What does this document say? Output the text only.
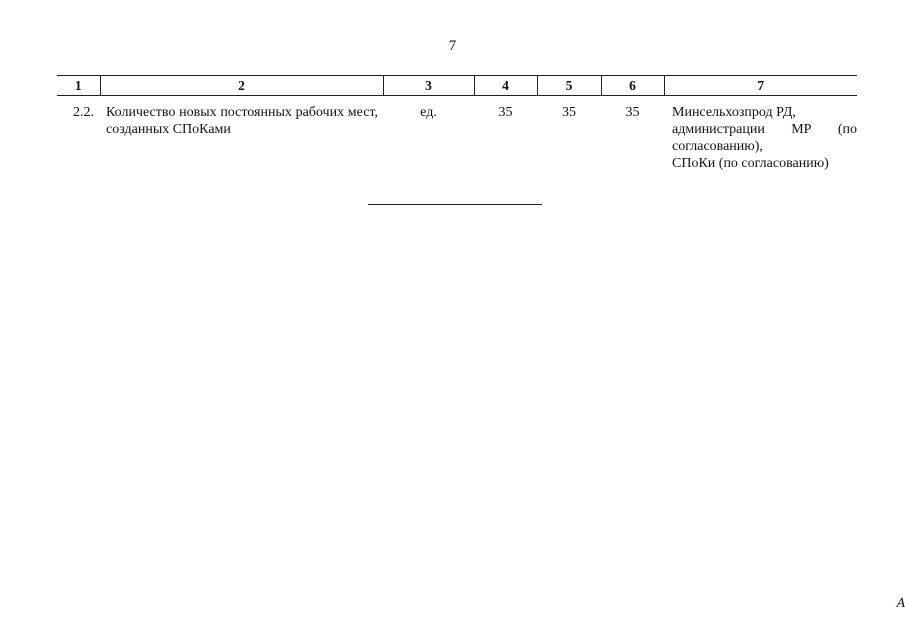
7
1	2	3	4	5	6	7
2.2.	Количество новых постоянных рабочих мест, созданных СПоКами	ед.	35	35	35	Минсельхозпрод РД,
администрации МР (по согласованию),
СПоКи (по согласованию)
А
